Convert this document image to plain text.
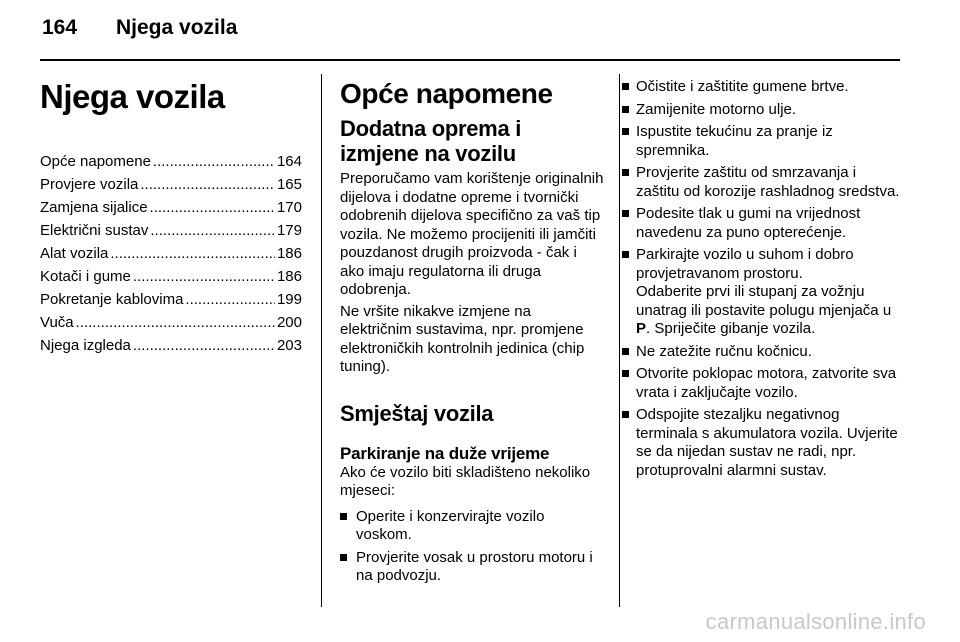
164 Njega vozila
Njega vozila
Opće napomene .....	164
Provjere vozila .....	165
Zamjena sijalice .....	170
Električni sustav .....	179
Alat vozila .....	186
Kotači i gume .....	186
Pokretanje kablovima .....	199
Vuča .....	200
Njega izgleda .....	203
Opće napomene
Dodatna oprema i izmjene na vozilu

Preporučamo vam korištenje originalnih dijelova i dodatne opreme i tvornički odobrenih dijelova specifično za vaš tip vozila. Ne možemo procijeniti ili jamčiti pouzdanost drugih proizvoda - čak i ako imaju regulatorna ili druga odobrenja.

Ne vršite nikakve izmjene na električnim sustavima, npr. promjene elektroničkih kontrolnih jedinica (chip tuning).

Smještaj vozila
Parkiranje na duže vrijeme

Ako će vozilo biti skladišteno nekoliko mjeseci:

Operite i konzervirajte vozilo voskom.
Provjerite vosak u prostoru motoru i na podvozju.
Očistite i zaštitite gumene brtve.
Zamijenite motorno ulje.
Ispustite tekućinu za pranje iz spremnika.
Provjerite zaštitu od smrzavanja i zaštitu od korozije rashladnog sredstva.
Podesite tlak u gumi na vrijednost navedenu za puno opterećenje.
Parkirajte vozilo u suhom i dobro provjetravanom prostoru.
Odaberite prvi ili stupanj za vožnju unatrag ili postavite polugu mjenjača u P. Spriječite gibanje vozila.
Ne zatežite ručnu kočnicu.
Otvorite poklopac motora, zatvorite sva vrata i zaključajte vozilo.
Odspojite stezaljku negativnog terminala s akumulatora vozila. Uvjerite se da nijedan sustav ne radi, npr. protuprovalni alarmni sustav.
carmanualsonline.info
